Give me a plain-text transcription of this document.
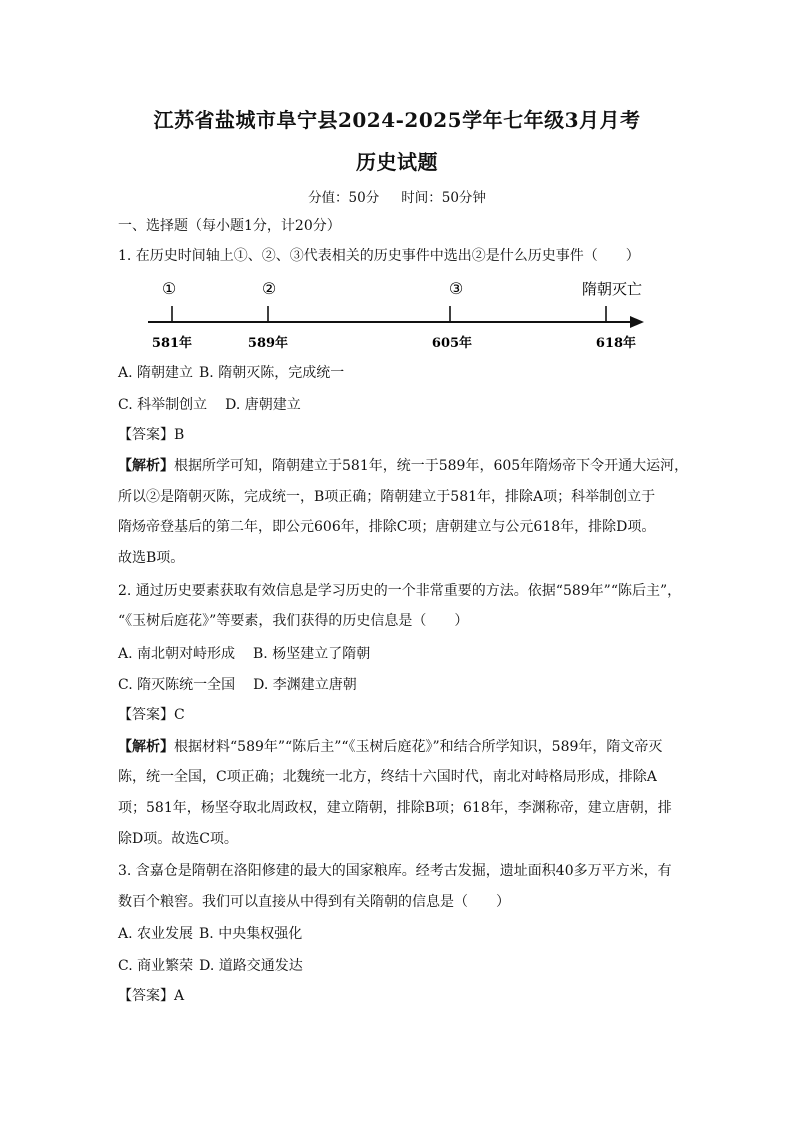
江苏省盐城市阜宁县2024-2025学年七年级3月月考
历史试题
分值：50分 时间：50分钟
一、选择题（每小题1分，计20分）
1. 在历史时间轴上①、②、③代表相关的历史事件中选出②是什么历史事件（　　）
①	②	③	隋朝灭亡
581年	589年	605年	618年
A. 隋朝建立 B. 隋朝灭陈，完成统一
C. 科举制创立 D. 唐朝建立
【答案】B
【解析】根据所学可知，隋朝建立于581年，统一于589年，605年隋炀帝下令开通大运河，
所以②是隋朝灭陈，完成统一，B项正确；隋朝建立于581年，排除A项；科举制创立于
隋炀帝登基后的第二年，即公元606年，排除C项；唐朝建立与公元618年，排除D项。
故选B项。
2. 通过历史要素获取有效信息是学习历史的一个非常重要的方法。依据“589年”“陈后主”，
“《玉树后庭花》”等要素，我们获得的历史信息是（　　）
A. 南北朝对峙形成 B. 杨坚建立了隋朝
C. 隋灭陈统一全国 D. 李渊建立唐朝
【答案】C
【解析】根据材料“589年”“陈后主”“《玉树后庭花》”和结合所学知识，589年，隋文帝灭
陈，统一全国，C项正确；北魏统一北方，终结十六国时代，南北对峙格局形成，排除A
项；581年，杨坚夺取北周政权，建立隋朝，排除B项；618年，李渊称帝，建立唐朝，排
除D项。故选C项。
3. 含嘉仓是隋朝在洛阳修建的最大的国家粮库。经考古发掘，遗址面积40多万平方米，有
数百个粮窖。我们可以直接从中得到有关隋朝的信息是（　　）
A. 农业发展 B. 中央集权强化
C. 商业繁荣 D. 道路交通发达
【答案】A
